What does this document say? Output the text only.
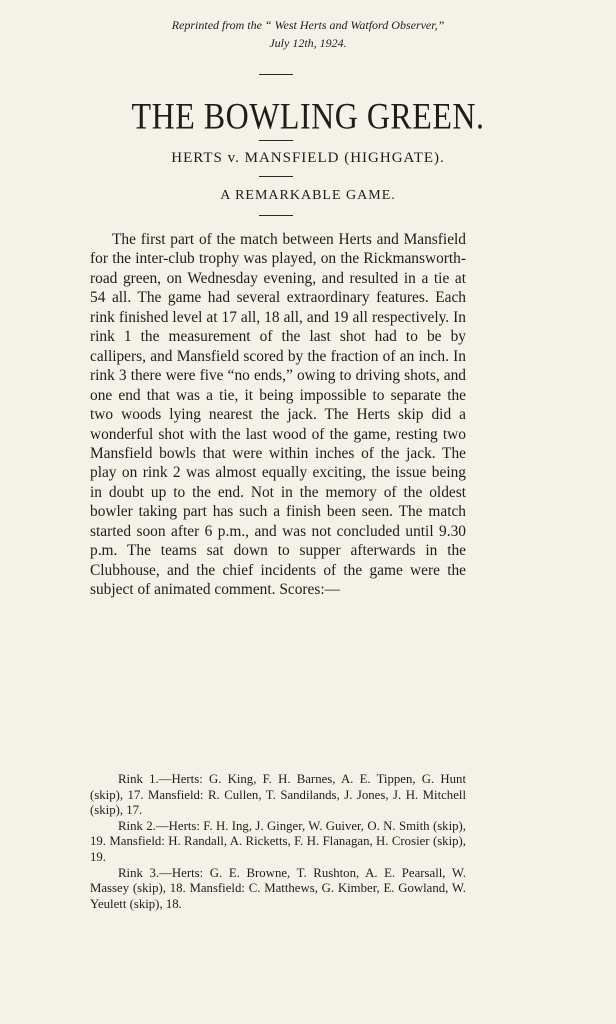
Reprinted from the “ West Herts and Watford Observer,”
July 12th, 1924.
THE BOWLING GREEN.
HERTS v. MANSFIELD (HIGHGATE).
A REMARKABLE GAME.

The first part of the match between Herts and Mansfield for the inter-club trophy was played, on the Rickmansworth-road green, on Wednesday evening, and resulted in a tie at 54 all. The game had several extraordinary features. Each rink finished level at 17 all, 18 all, and 19 all respectively. In rink 1 the measurement of the last shot had to be by callipers, and Mansfield scored by the fraction of an inch. In rink 3 there were five “no ends,” owing to driving shots, and one end that was a tie, it being impossible to separate the two woods lying nearest the jack. The Herts skip did a wonderful shot with the last wood of the game, resting two Mansfield bowls that were within inches of the jack. The play on rink 2 was almost equally exciting, the issue being in doubt up to the end. Not in the memory of the oldest bowler taking part has such a finish been seen. The match started soon after 6 p.m., and was not concluded until 9.30 p.m. The teams sat down to supper afterwards in the Clubhouse, and the chief incidents of the game were the subject of animated comment. Scores:—

Rink 1.—Herts: G. King, F. H. Barnes, A. E. Tippen, G. Hunt (skip), 17. Mansfield: R. Cullen, T. Sandilands, J. Jones, J. H. Mitchell (skip), 17.

Rink 2.—Herts: F. H. Ing, J. Ginger, W. Guiver, O. N. Smith (skip), 19. Mansfield: H. Randall, A. Ricketts, F. H. Flanagan, H. Crosier (skip), 19.

Rink 3.—Herts: G. E. Browne, T. Rushton, A. E. Pearsall, W. Massey (skip), 18. Mansfield: C. Matthews, G. Kimber, E. Gowland, W. Yeulett (skip), 18.
